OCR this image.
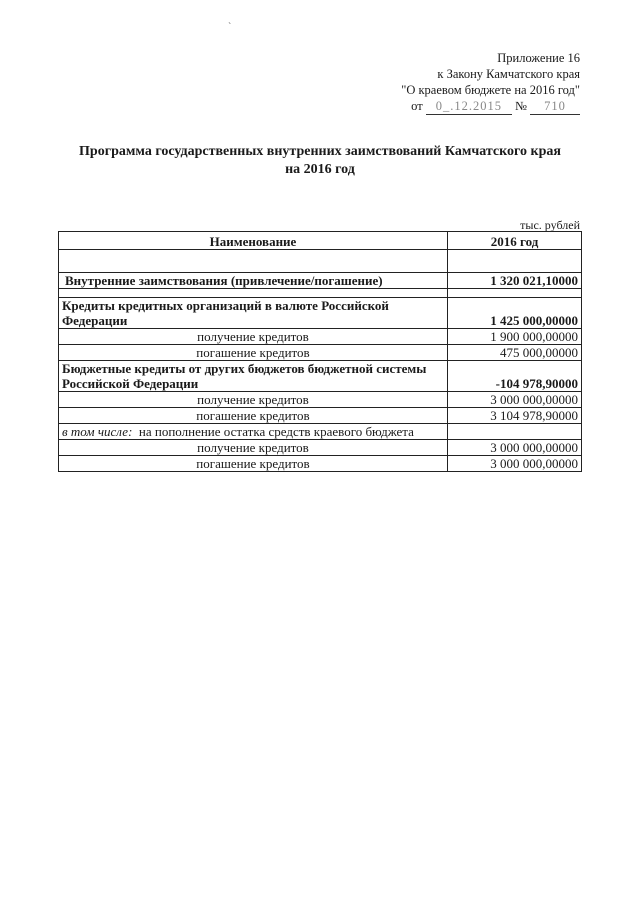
`
Приложение 16
к Закону Камчатского края
"О краевом бюджете на 2016 год"
от 0_.12.2015 № 710
Программа государственных внутренних заимствований Камчатского края
на 2016 год
тыс. рублей
Наименование	2016 год

Внутренние заимствования (привлечение/погашение)	1 320 021,10000

Кредиты кредитных организаций в валюте Российской Федерации	1 425 000,00000
получение кредитов	1 900 000,00000
погашение кредитов	475 000,00000
Бюджетные кредиты от других бюджетов бюджетной системы Российской Федерации	-104 978,90000
получение кредитов	3 000 000,00000
погашение кредитов	3 104 978,90000
в том числе: на пополнение остатка средств краевого бюджета	
получение кредитов	3 000 000,00000
погашение кредитов	3 000 000,00000
